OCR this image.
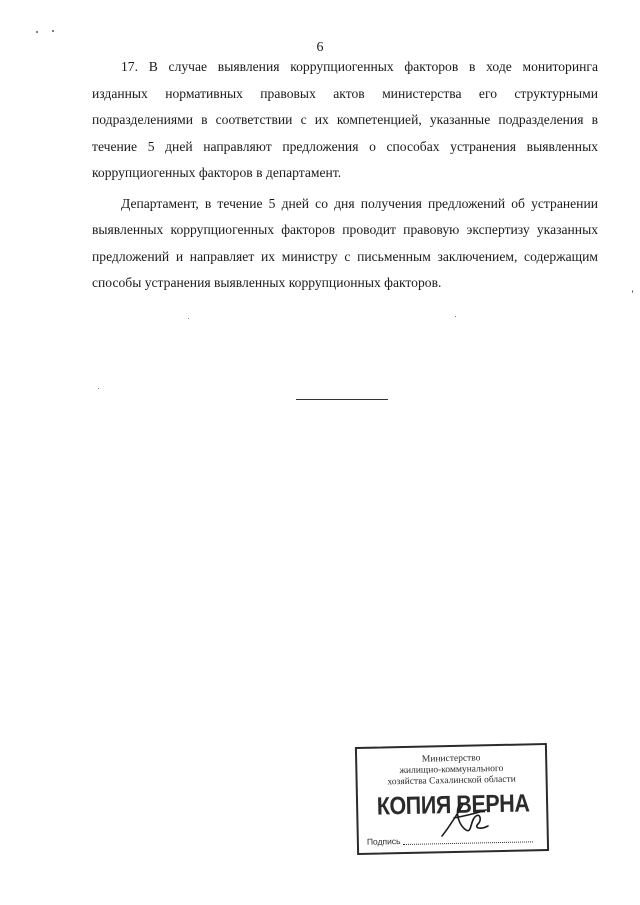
6

17. В случае выявления коррупциогенных факторов в ходе мониторинга изданных нормативных правовых актов министерства его структурными подразделениями в соответствии с их компетенцией, указанные подразделения в течение 5 дней направляют предложения о способах устранения выявленных коррупциогенных факторов в департамент.

Департамент, в течение 5 дней со дня получения предложений об устранении выявленных коррупциогенных факторов проводит правовую экспертизу указанных предложений и направляет их министру с письменным заключением, содержащим способы устранения выявленных коррупционных факторов.

Министерство
жилищно-коммунального
хозяйства Сахалинской области
КОПИЯ ВЕРНА
Подпись
